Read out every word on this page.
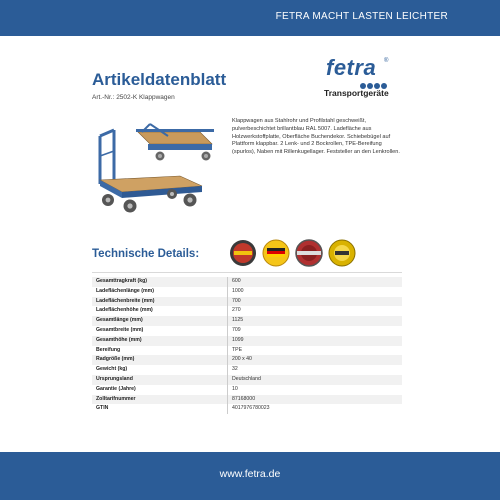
FETRA MACHT LASTEN LEICHTER
Artikeldatenblatt
Art.-Nr.: 2502-K Klappwagen
fetra ®
Transportgeräte
Klappwagen aus Stahlrohr und Profilstahl geschweißt, pulverbeschichtet brillantblau RAL 5007. Ladefläche aus Holzwerkstoffplatte, Oberfläche Buchendekor. Schiebebügel auf Plattform klappbar. 2 Lenk- und 2 Bockrollen, TPE-Bereifung (spurlos), Naben mit Rillenkugellager. Feststeller an den Lenkrollen.
Technische Details:
Gesamttragkraft (kg)	600
Ladeflächenlänge (mm)	1000
Ladeflächenbreite (mm)	700
Ladeflächenhöhe (mm)	270
Gesamtlänge (mm)	1125
Gesamtbreite (mm)	709
Gesamthöhe (mm)	1099
Bereifung	TPE
Radgröße (mm)	200 x 40
Gewicht (kg)	32
Ursprungsland	Deutschland
Garantie (Jahre)	10
Zolltarifnummer	87168000
GTIN	4017976780023
www.fetra.de
